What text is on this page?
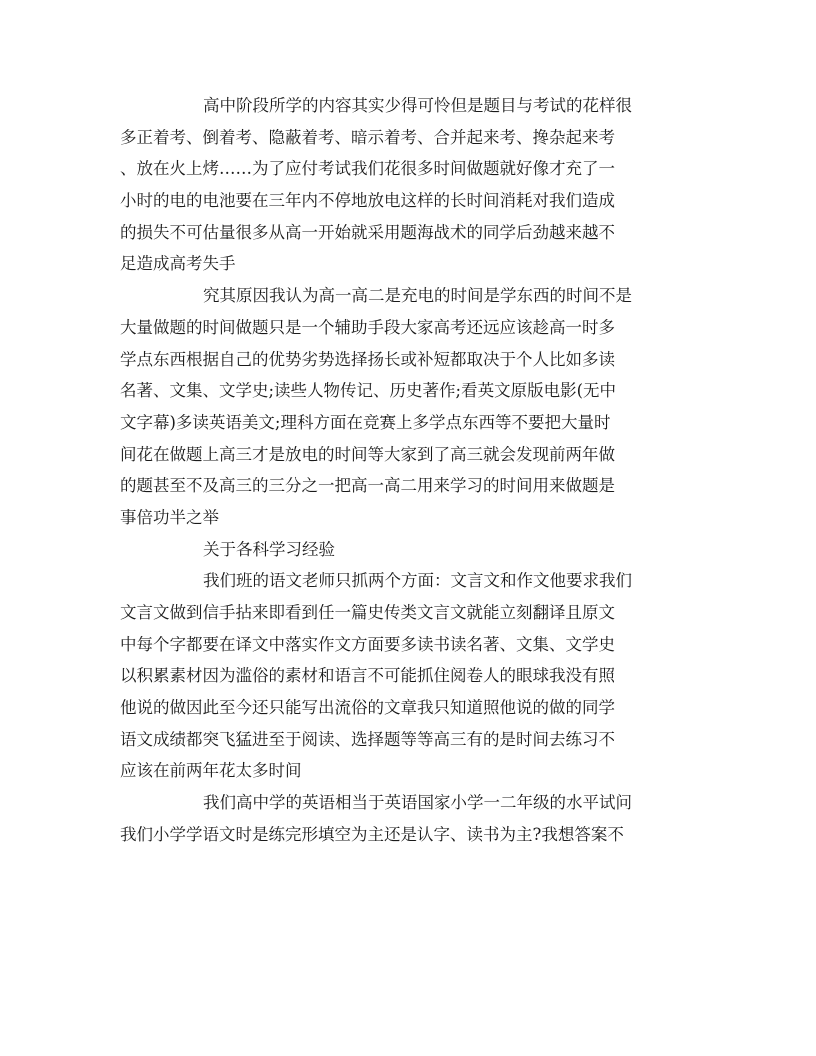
高中阶段所学的内容其实少得可怜但是题目与考试的花样很
多正着考、倒着考、隐蔽着考、暗示着考、合并起来考、搀杂起来考
、放在火上烤……为了应付考试我们花很多时间做题就好像才充了一
小时的电的电池要在三年内不停地放电这样的长时间消耗对我们造成
的损失不可估量很多从高一开始就采用题海战术的同学后劲越来越不
足造成高考失手
究其原因我认为高一高二是充电的时间是学东西的时间不是
大量做题的时间做题只是一个辅助手段大家高考还远应该趁高一时多
学点东西根据自己的优势劣势选择扬长或补短都取决于个人比如多读
名著、文集、文学史;读些人物传记、历史著作;看英文原版电影(无中
文字幕)多读英语美文;理科方面在竞赛上多学点东西等不要把大量时
间花在做题上高三才是放电的时间等大家到了高三就会发现前两年做
的题甚至不及高三的三分之一把高一高二用来学习的时间用来做题是
事倍功半之举
关于各科学习经验
我们班的语文老师只抓两个方面：文言文和作文他要求我们
文言文做到信手拈来即看到任一篇史传类文言文就能立刻翻译且原文
中每个字都要在译文中落实作文方面要多读书读名著、文集、文学史
以积累素材因为滥俗的素材和语言不可能抓住阅卷人的眼球我没有照
他说的做因此至今还只能写出流俗的文章我只知道照他说的做的同学
语文成绩都突飞猛进至于阅读、选择题等等高三有的是时间去练习不
应该在前两年花太多时间
我们高中学的英语相当于英语国家小学一二年级的水平试问
我们小学学语文时是练完形填空为主还是认字、读书为主?我想答案不
